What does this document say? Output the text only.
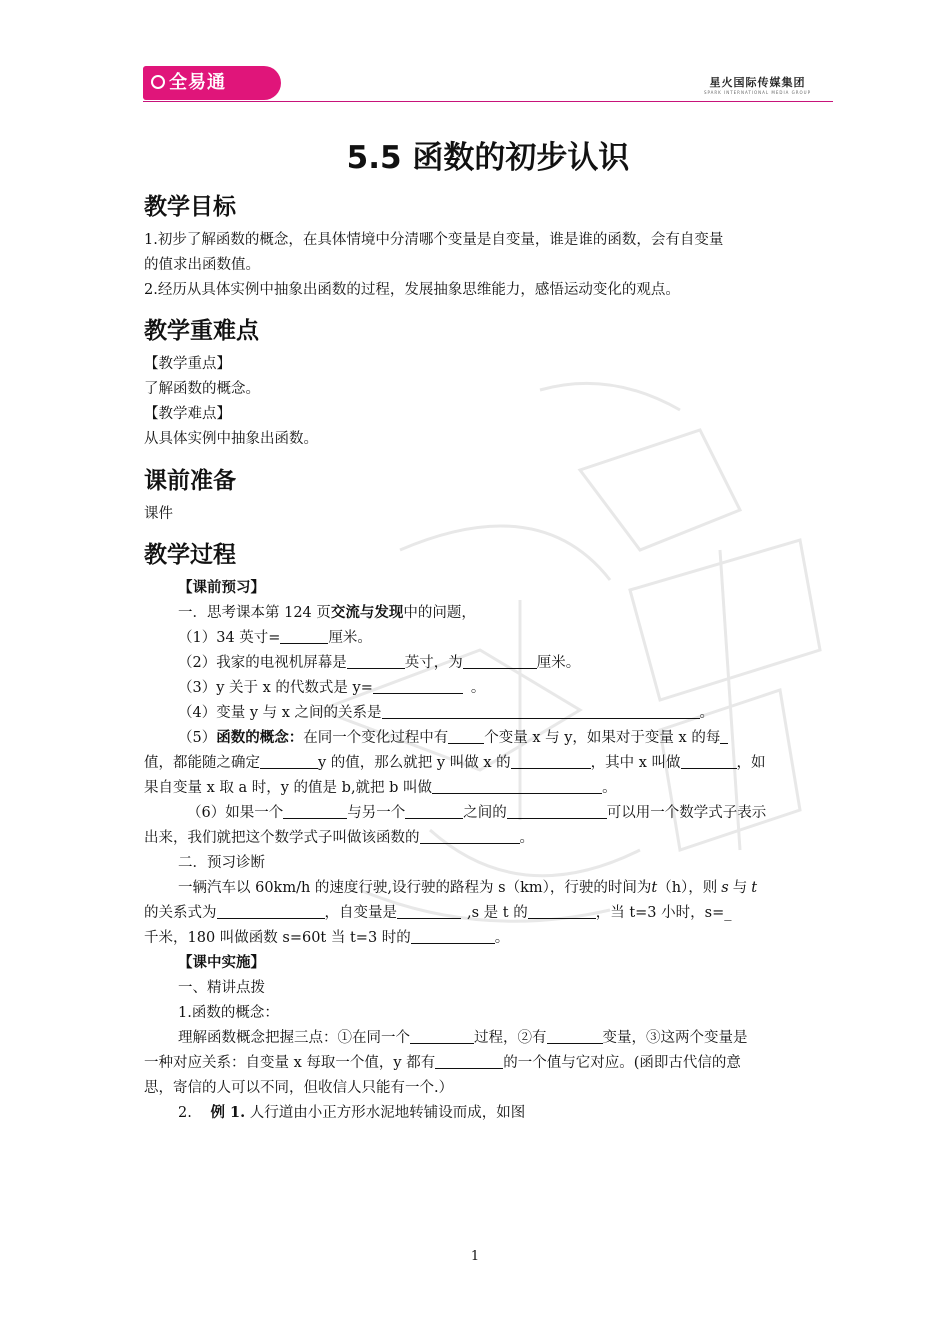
全易通	星火国际传媒集团
SPARK INTERNATIONAL MEDIA GROUP
5.5 函数的初步认识
教学目标
1.初步了解函数的概念，在具体情境中分清哪个变量是自变量，谁是谁的函数，会有自变量
的值求出函数值。
2.经历从具体实例中抽象出函数的过程，发展抽象思维能力，感悟运动变化的观点。
教学重难点
【教学重点】
了解函数的概念。
【教学难点】
从具体实例中抽象出函数。
课前准备
课件
教学过程
【课前预习】
一．思考课本第 124 页交流与发现中的问题，
（1）34 英寸=	厘米。
（2）我家的电视机屏幕是	英寸，为	厘米。
（3）y 关于 x 的代数式是 y=	。
（4）变量 y 与 x 之间的关系是	。
（5）函数的概念：在同一个变化过程中有 个变量 x 与 y，如果对于变量 x 的每
值，都能随之确定	y 的值，那么就把 y 叫做 x 的	，其中 x 叫做	，如
果自变量 x 取 a 时，y 的值是 b,就把 b 叫做	。
（6）如果一个	与另一个	之间的	可以用一个数学式子表示
出来，我们就把这个数学式子叫做该函数的	。
二．预习诊断
一辆汽车以 60km/h 的速度行驶,设行驶的路程为 s（km），行驶的时间为t（h），则 s 与 t
的关系式为	，自变量是	,s 是 t 的	，当 t=3 小时，s=_
千米，180 叫做函数 s=60t 当 t=3 时的	。
【课中实施】
一、精讲点拨
1.函数的概念：
理解函数概念把握三点：①在同一个	过程，②有	变量，③这两个变量是
一种对应关系：自变量 x 每取一个值，y 都有	的一个值与它对应。(函即古代信的意
思，寄信的人可以不同，但收信人只能有一个.）
2. 例 1. 人行道由小正方形水泥地转铺设而成，如图
1
